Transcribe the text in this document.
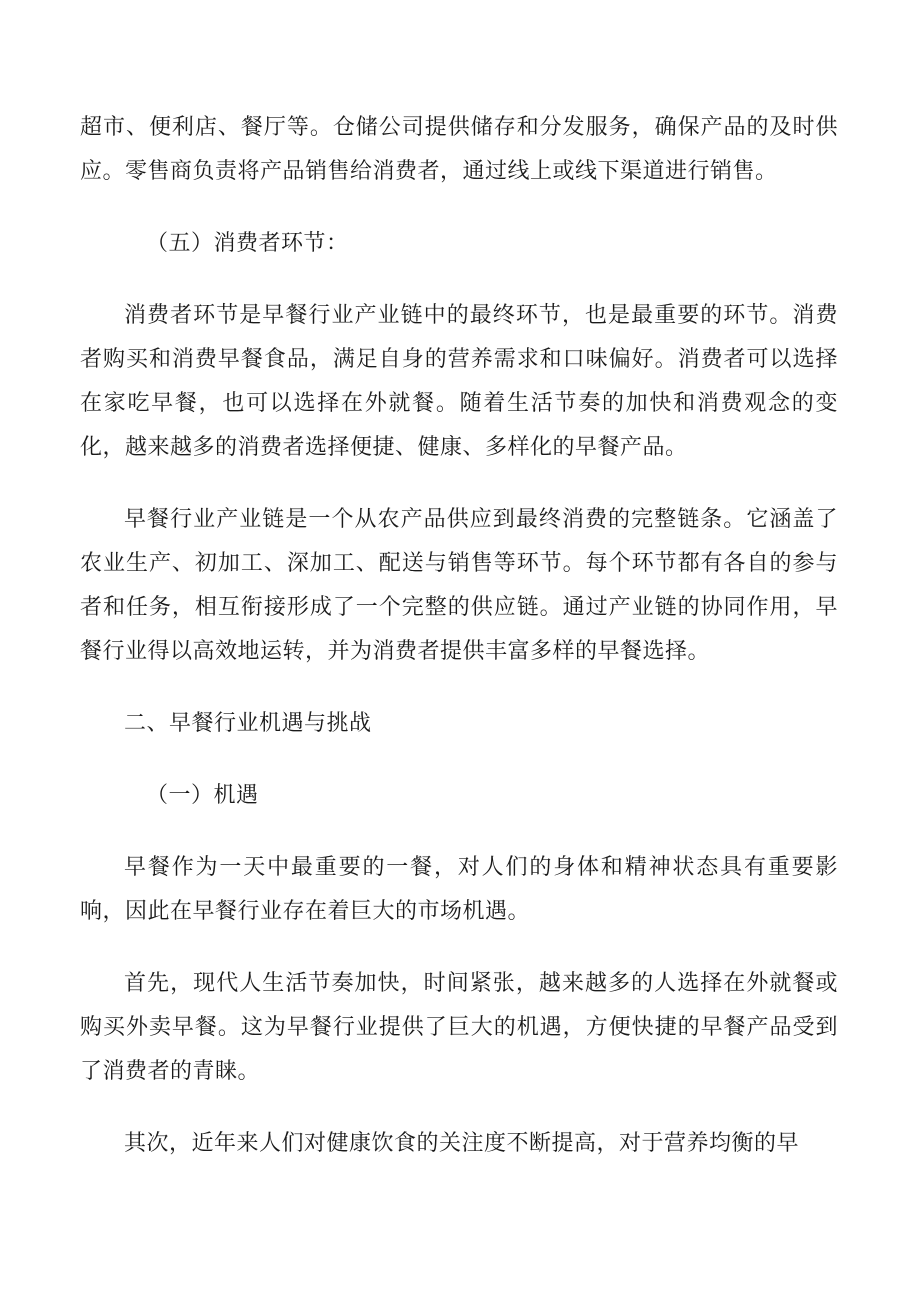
超市、便利店、餐厅等。仓储公司提供储存和分发服务，确保产品的及时供应。零售商负责将产品销售给消费者，通过线上或线下渠道进行销售。

（五）消费者环节：

消费者环节是早餐行业产业链中的最终环节，也是最重要的环节。消费者购买和消费早餐食品，满足自身的营养需求和口味偏好。消费者可以选择在家吃早餐，也可以选择在外就餐。随着生活节奏的加快和消费观念的变化，越来越多的消费者选择便捷、健康、多样化的早餐产品。

早餐行业产业链是一个从农产品供应到最终消费的完整链条。它涵盖了农业生产、初加工、深加工、配送与销售等环节。每个环节都有各自的参与者和任务，相互衔接形成了一个完整的供应链。通过产业链的协同作用，早餐行业得以高效地运转，并为消费者提供丰富多样的早餐选择。

二、早餐行业机遇与挑战

（一）机遇

早餐作为一天中最重要的一餐，对人们的身体和精神状态具有重要影响，因此在早餐行业存在着巨大的市场机遇。

首先，现代人生活节奏加快，时间紧张，越来越多的人选择在外就餐或购买外卖早餐。这为早餐行业提供了巨大的机遇，方便快捷的早餐产品受到了消费者的青睐。

其次，近年来人们对健康饮食的关注度不断提高，对于营养均衡的早
